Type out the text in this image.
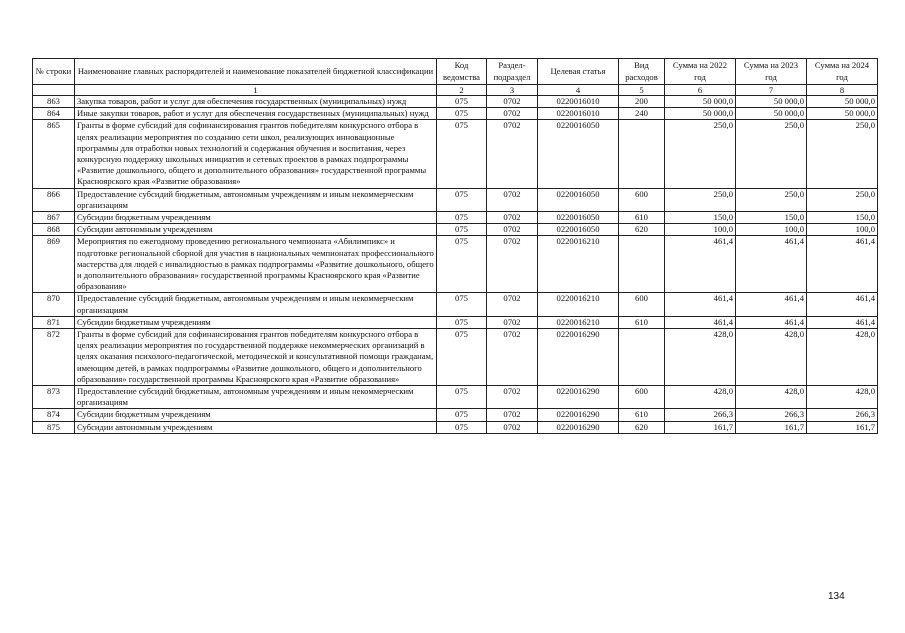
№ строки	Наименование главных распорядителей и наименование показателей бюджетной классификации	Код ведомства	Раздел-подраздел	Целевая статья	Вид расходов	Сумма на 2022 год	Сумма на 2023 год	Сумма на 2024 год
	1	2	3	4	5	6	7	8
863	Закупка товаров, работ и услуг для обеспечения государственных (муниципальных) нужд	075	0702	0220016010	200	50 000,0	50 000,0	50 000,0
864	Иные закупки товаров, работ и услуг для обеспечения государственных (муниципальных) нужд	075	0702	0220016010	240	50 000,0	50 000,0	50 000,0
865	Гранты в форме субсидий для софинансирования грантов победителям конкурсного отбора в целях реализации мероприятия по созданию сети школ, реализующих инновационные программы для отработки новых технологий и содержания обучения и воспитания, через конкурсную поддержку школьных инициатив и сетевых проектов в рамках подпрограммы «Развитие дошкольного, общего и дополнительного образования» государственной программы Красноярского края «Развитие образования»	075	0702	0220016050		250,0	250,0	250,0
866	Предоставление субсидий бюджетным, автономным учреждениям и иным некоммерческим организациям	075	0702	0220016050	600	250,0	250,0	250,0
867	Субсидии бюджетным учреждениям	075	0702	0220016050	610	150,0	150,0	150,0
868	Субсидии автономным учреждениям	075	0702	0220016050	620	100,0	100,0	100,0
869	Мероприятия по ежегодному проведению регионального чемпионата «Абилимпикс» и подготовке региональной сборной для участия в национальных чемпионатах профессионального мастерства для людей с инвалидностью в рамках подпрограммы «Развитие дошкольного, общего и дополнительного образования» государственной программы Красноярского края «Развитие образования»	075	0702	0220016210		461,4	461,4	461,4
870	Предоставление субсидий бюджетным, автономным учреждениям и иным некоммерческим организациям	075	0702	0220016210	600	461,4	461,4	461,4
871	Субсидии бюджетным учреждениям	075	0702	0220016210	610	461,4	461,4	461,4
872	Гранты в форме субсидий для софинансирования грантов победителям конкурсного отбора в целях реализации мероприятия по государственной поддержке некоммерческих организаций в целях оказания психолого-педагогической, методической и консультативной помощи гражданам, имеющим детей, в рамках подпрограммы «Развитие дошкольного, общего и дополнительного образования» государственной программы Красноярского края «Развитие образования»	075	0702	0220016290		428,0	428,0	428,0
873	Предоставление субсидий бюджетным, автономным учреждениям и иным некоммерческим организациям	075	0702	0220016290	600	428,0	428,0	428,0
874	Субсидии бюджетным учреждениям	075	0702	0220016290	610	266,3	266,3	266,3
875	Субсидии автономным учреждениям	075	0702	0220016290	620	161,7	161,7	161,7
134
